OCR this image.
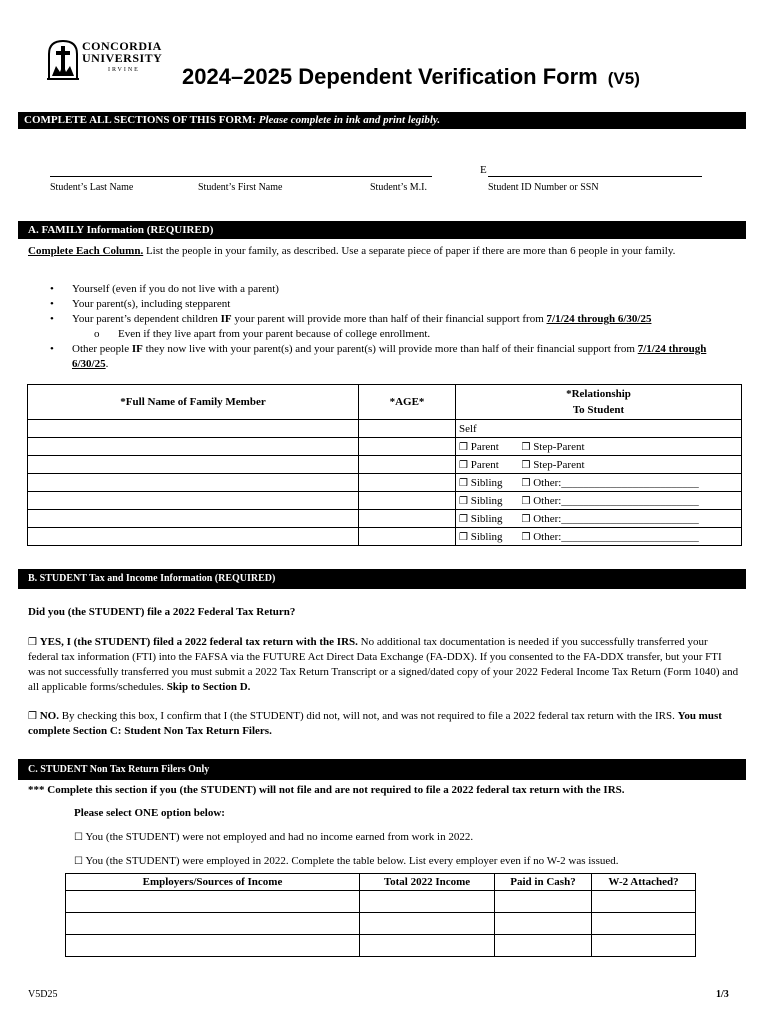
CONCORDIA
UNIVERSITY
IRVINE	2024–2025 Dependent Verification Form (V5)
COMPLETE ALL SECTIONS OF THIS FORM: Please complete in ink and print legibly.
E
Student’s Last Name	Student’s First Name	Student’s M.I.	Student ID Number or SSN
A. FAMILY Information (REQUIRED)
Complete Each Column. List the people in your family, as described. Use a separate piece of paper if there are more than 6 people in your family.
• Yourself (even if you do not live with a parent)
• Your parent(s), including stepparent
• Your parent’s dependent children IF your parent will provide more than half of their financial support from 7/1/24 through 6/30/25
o Even if they live apart from your parent because of college enrollment.
• Other people IF they now live with your parent(s) and your parent(s) will provide more than half of their financial support from 7/1/24 through 6/30/25.
*Full Name of Family Member	*AGE*	*Relationship
To Student

		Self
		❒ Parent ❒ Step-Parent
		❒ Parent ❒ Step-Parent
		❒ Sibling ❒ Other:_________________________
		❒ Sibling ❒ Other:_________________________
		❒ Sibling ❒ Other:_________________________
		❒ Sibling ❒ Other:_________________________
B. STUDENT Tax and Income Information (REQUIRED)
Did you (the STUDENT) file a 2022 Federal Tax Return?
❒ YES, I (the STUDENT) filed a 2022 federal tax return with the IRS. No additional tax documentation is needed if you successfully transferred your federal tax information (FTI) into the FAFSA via the FUTURE Act Direct Data Exchange (FA-DDX). If you consented to the FA-DDX transfer, but your FTI was not successfully transferred you must submit a 2022 Tax Return Transcript or a signed/dated copy of your 2022 Federal Income Tax Return (Form 1040) and all applicable forms/schedules. Skip to Section D.
❒ NO. By checking this box, I confirm that I (the STUDENT) did not, will not, and was not required to file a 2022 federal tax return with the IRS. You must complete Section C: Student Non Tax Return Filers.
C. STUDENT Non Tax Return Filers Only
*** Complete this section if you (the STUDENT) will not file and are not required to file a 2022 federal tax return with the IRS.
Please select ONE option below:
☐ You (the STUDENT) were not employed and had no income earned from work in 2022.
☐ You (the STUDENT) were employed in 2022. Complete the table below. List every employer even if no W-2 was issued.
Employers/Sources of Income	Total 2022 Income	Paid in Cash?	W-2 Attached?

V5D25	1/3
